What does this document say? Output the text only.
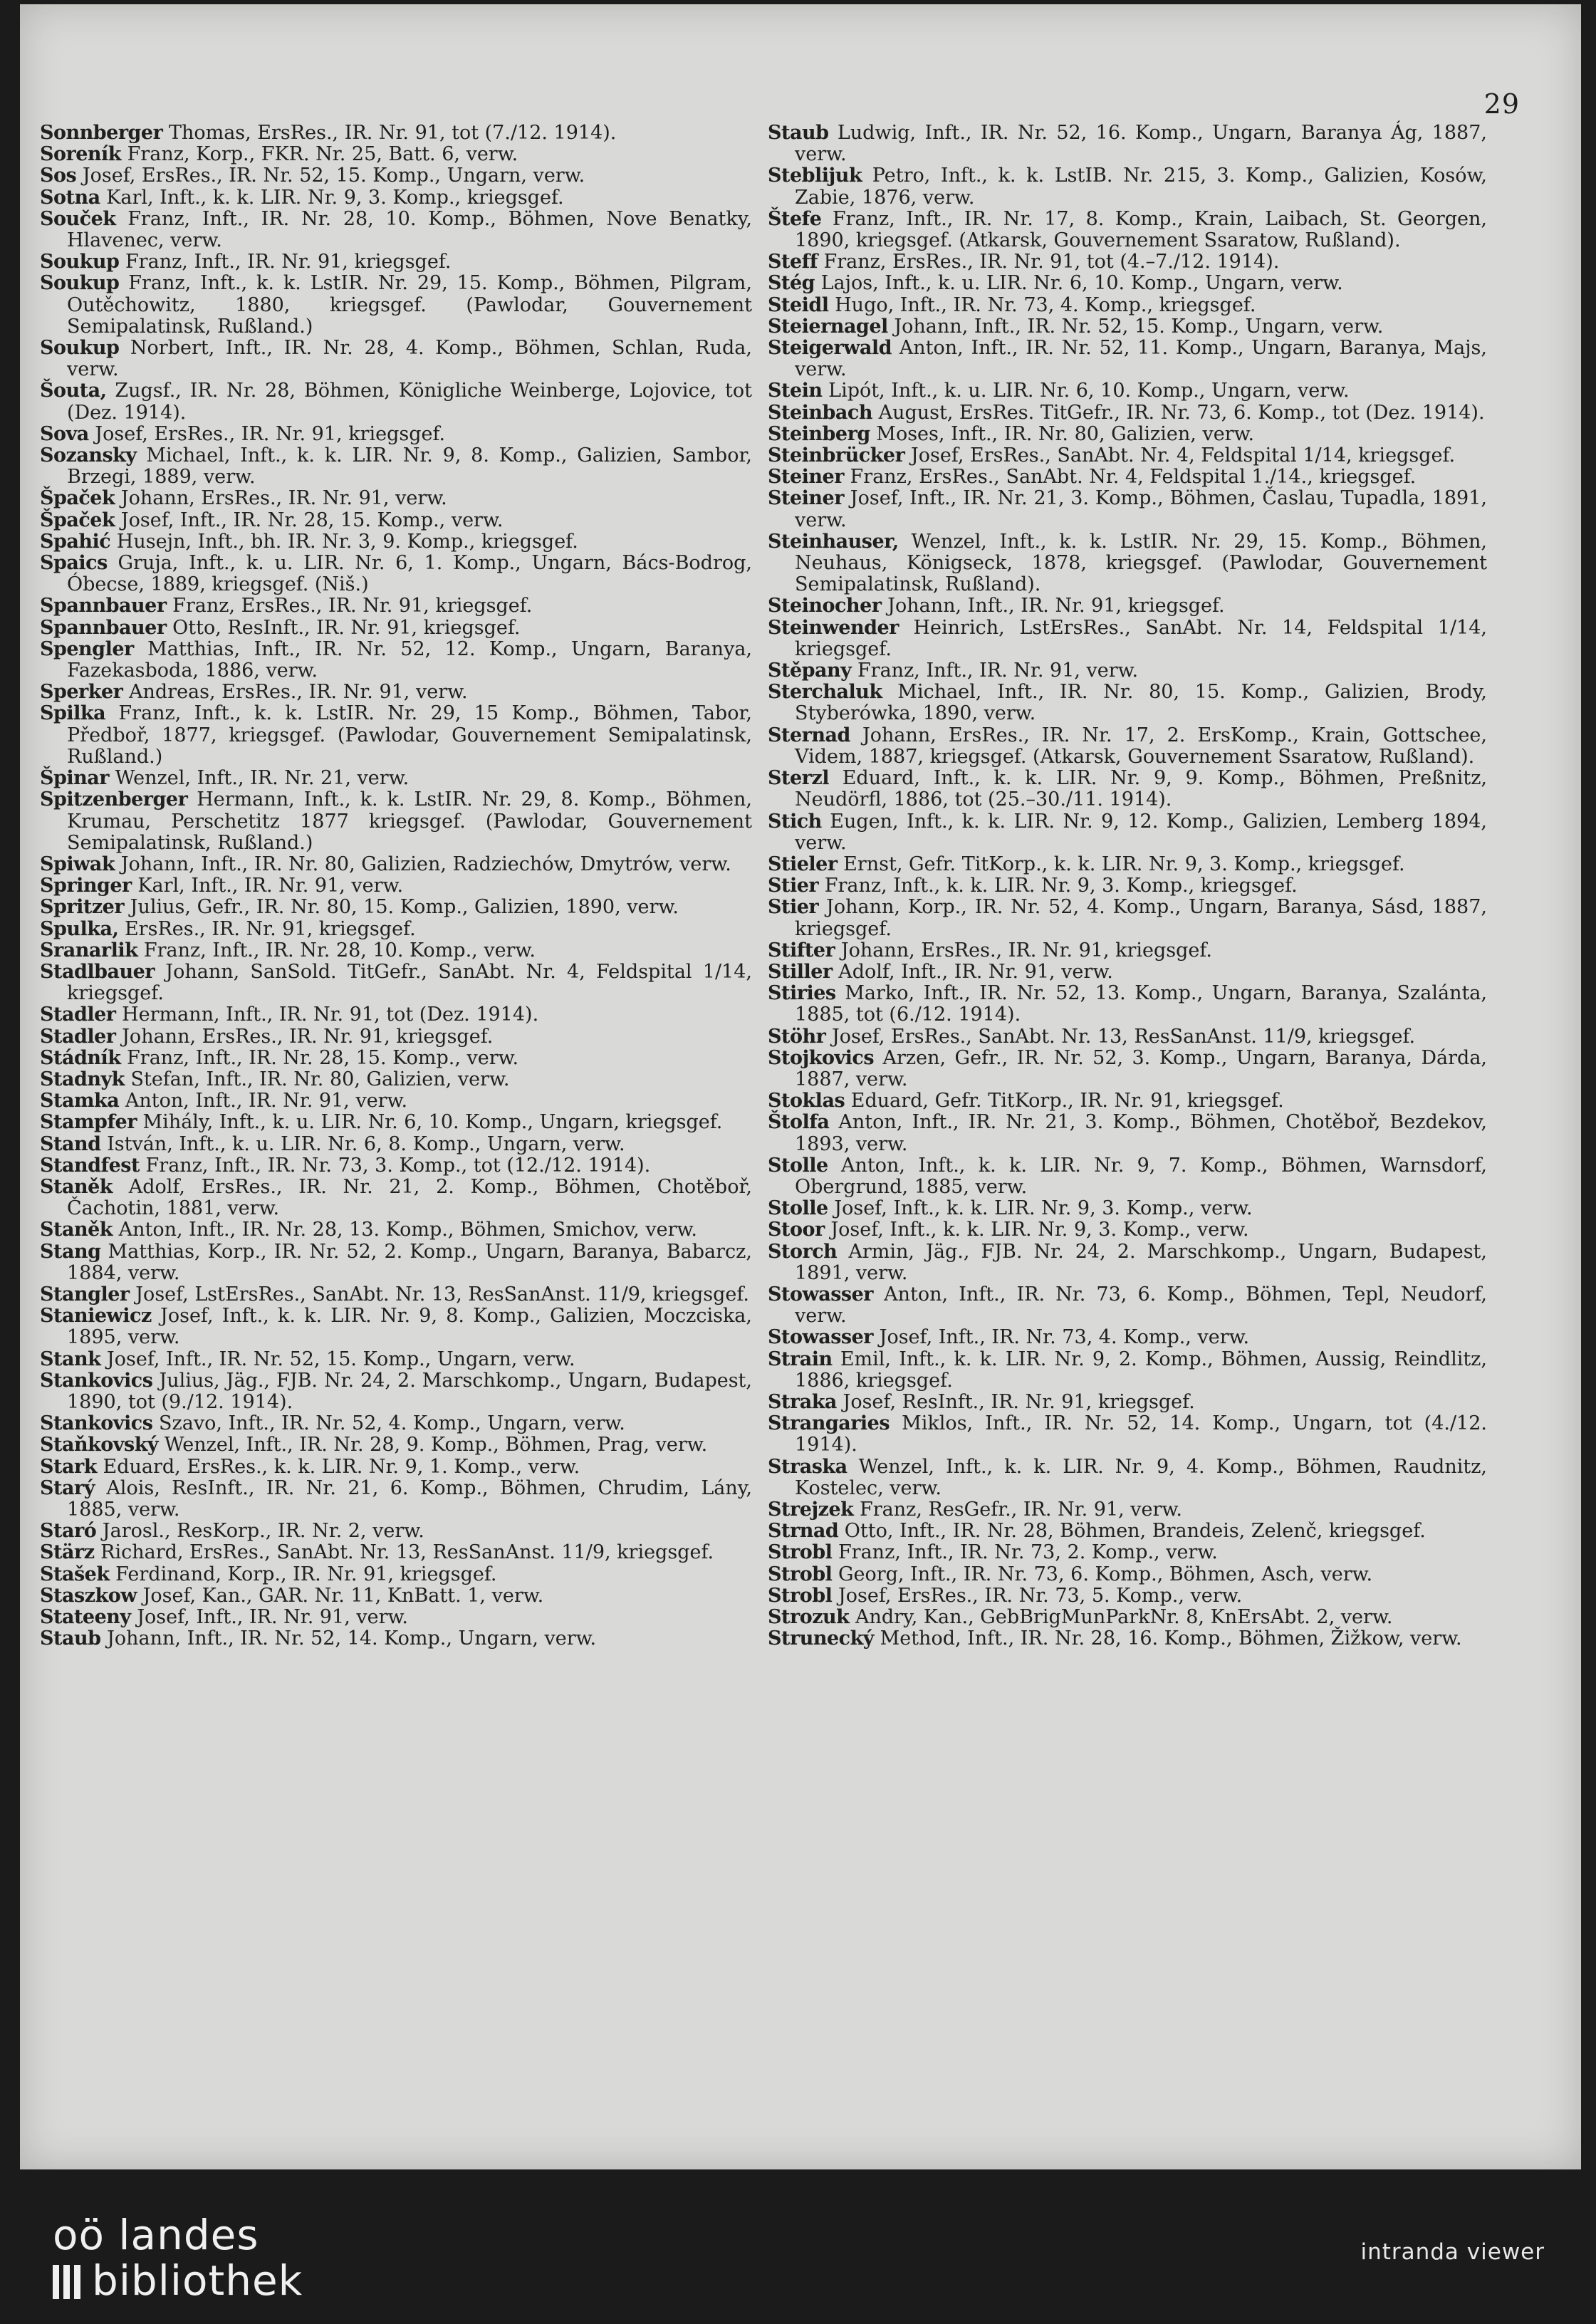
29
Sonnberger Thomas, ErsRes., IR. Nr. 91, tot (7./12. 1914).
Soreník Franz, Korp., FKR. Nr. 25, Batt. 6, verw.
Sos Josef, ErsRes., IR. Nr. 52, 15. Komp., Ungarn, verw.
Sotna Karl, Inft., k. k. LIR. Nr. 9, 3. Komp., kriegsgef.
Souček Franz, Inft., IR. Nr. 28, 10. Komp., Böhmen, Nove Benatky, Hlavenec, verw.
Soukup Franz, Inft., IR. Nr. 91, kriegsgef.
Soukup Franz, Inft., k. k. LstIR. Nr. 29, 15. Komp., Böhmen, Pilgram, Outěchowitz, 1880, kriegsgef. (Pawlodar, Gouvernement Semipalatinsk, Rußland.)
Soukup Norbert, Inft., IR. Nr. 28, 4. Komp., Böhmen, Schlan, Ruda, verw.
Šouta, Zugsf., IR. Nr. 28, Böhmen, Königliche Weinberge, Lojovice, tot (Dez. 1914).
Sova Josef, ErsRes., IR. Nr. 91, kriegsgef.
Sozansky Michael, Inft., k. k. LIR. Nr. 9, 8. Komp., Galizien, Sambor, Brzegi, 1889, verw.
Špaček Johann, ErsRes., IR. Nr. 91, verw.
Špaček Josef, Inft., IR. Nr. 28, 15. Komp., verw.
Spahić Husejn, Inft., bh. IR. Nr. 3, 9. Komp., kriegsgef.
Spaics Gruja, Inft., k. u. LIR. Nr. 6, 1. Komp., Ungarn, Bács-Bodrog, Óbecse, 1889, kriegsgef. (Niš.)
Spannbauer Franz, ErsRes., IR. Nr. 91, kriegsgef.
Spannbauer Otto, ResInft., IR. Nr. 91, kriegsgef.
Spengler Matthias, Inft., IR. Nr. 52, 12. Komp., Ungarn, Baranya, Fazekasboda, 1886, verw.
Sperker Andreas, ErsRes., IR. Nr. 91, verw.
Spilka Franz, Inft., k. k. LstIR. Nr. 29, 15 Komp., Böhmen, Tabor, Předboř, 1877, kriegsgef. (Pawlodar, Gouvernement Semipalatinsk, Rußland.)
Špinar Wenzel, Inft., IR. Nr. 21, verw.
Spitzenberger Hermann, Inft., k. k. LstIR. Nr. 29, 8. Komp., Böhmen, Krumau, Perschetitz 1877 kriegsgef. (Pawlodar, Gouvernement Semipalatinsk, Rußland.)
Spiwak Johann, Inft., IR. Nr. 80, Galizien, Radziechów, Dmytrów, verw.
Springer Karl, Inft., IR. Nr. 91, verw.
Spritzer Julius, Gefr., IR. Nr. 80, 15. Komp., Galizien, 1890, verw.
Spulka, ErsRes., IR. Nr. 91, kriegsgef.
Sranarlik Franz, Inft., IR. Nr. 28, 10. Komp., verw.
Stadlbauer Johann, SanSold. TitGefr., SanAbt. Nr. 4, Feldspital 1/14, kriegsgef.
Stadler Hermann, Inft., IR. Nr. 91, tot (Dez. 1914).
Stadler Johann, ErsRes., IR. Nr. 91, kriegsgef.
Stádník Franz, Inft., IR. Nr. 28, 15. Komp., verw.
Stadnyk Stefan, Inft., IR. Nr. 80, Galizien, verw.
Stamka Anton, Inft., IR. Nr. 91, verw.
Stampfer Mihály, Inft., k. u. LIR. Nr. 6, 10. Komp., Ungarn, kriegsgef.
Stand István, Inft., k. u. LIR. Nr. 6, 8. Komp., Ungarn, verw.
Standfest Franz, Inft., IR. Nr. 73, 3. Komp., tot (12./12. 1914).
Staněk Adolf, ErsRes., IR. Nr. 21, 2. Komp., Böhmen, Chotěboř, Čachotin, 1881, verw.
Staněk Anton, Inft., IR. Nr. 28, 13. Komp., Böhmen, Smichov, verw.
Stang Matthias, Korp., IR. Nr. 52, 2. Komp., Ungarn, Baranya, Babarcz, 1884, verw.
Stangler Josef, LstErsRes., SanAbt. Nr. 13, ResSanAnst. 11/9, kriegsgef.
Staniewicz Josef, Inft., k. k. LIR. Nr. 9, 8. Komp., Galizien, Moczciska, 1895, verw.
Stank Josef, Inft., IR. Nr. 52, 15. Komp., Ungarn, verw.
Stankovics Julius, Jäg., FJB. Nr. 24, 2. Marschkomp., Ungarn, Budapest, 1890, tot (9./12. 1914).
Stankovics Szavo, Inft., IR. Nr. 52, 4. Komp., Ungarn, verw.
Staňkovský Wenzel, Inft., IR. Nr. 28, 9. Komp., Böhmen, Prag, verw.
Stark Eduard, ErsRes., k. k. LIR. Nr. 9, 1. Komp., verw.
Starý Alois, ResInft., IR. Nr. 21, 6. Komp., Böhmen, Chrudim, Lány, 1885, verw.
Staró Jarosl., ResKorp., IR. Nr. 2, verw.
Stärz Richard, ErsRes., SanAbt. Nr. 13, ResSanAnst. 11/9, kriegsgef.
Stašek Ferdinand, Korp., IR. Nr. 91, kriegsgef.
Staszkow Josef, Kan., GAR. Nr. 11, KnBatt. 1, verw.
Stateeny Josef, Inft., IR. Nr. 91, verw.
Staub Johann, Inft., IR. Nr. 52, 14. Komp., Ungarn, verw.
Staub Ludwig, Inft., IR. Nr. 52, 16. Komp., Ungarn, Baranya Ág, 1887, verw.
Steblijuk Petro, Inft., k. k. LstIB. Nr. 215, 3. Komp., Galizien, Kosów, Zabie, 1876, verw.
Štefe Franz, Inft., IR. Nr. 17, 8. Komp., Krain, Laibach, St. Georgen, 1890, kriegsgef. (Atkarsk, Gouvernement Ssaratow, Rußland).
Steff Franz, ErsRes., IR. Nr. 91, tot (4.–7./12. 1914).
Stég Lajos, Inft., k. u. LIR. Nr. 6, 10. Komp., Ungarn, verw.
Steidl Hugo, Inft., IR. Nr. 73, 4. Komp., kriegsgef.
Steiernagel Johann, Inft., IR. Nr. 52, 15. Komp., Ungarn, verw.
Steigerwald Anton, Inft., IR. Nr. 52, 11. Komp., Ungarn, Baranya, Majs, verw.
Stein Lipót, Inft., k. u. LIR. Nr. 6, 10. Komp., Ungarn, verw.
Steinbach August, ErsRes. TitGefr., IR. Nr. 73, 6. Komp., tot (Dez. 1914).
Steinberg Moses, Inft., IR. Nr. 80, Galizien, verw.
Steinbrücker Josef, ErsRes., SanAbt. Nr. 4, Feldspital 1/14, kriegsgef.
Steiner Franz, ErsRes., SanAbt. Nr. 4, Feldspital 1./14., kriegsgef.
Steiner Josef, Inft., IR. Nr. 21, 3. Komp., Böhmen, Časlau, Tupadla, 1891, verw.
Steinhauser, Wenzel, Inft., k. k. LstIR. Nr. 29, 15. Komp., Böhmen, Neuhaus, Königseck, 1878, kriegsgef. (Pawlodar, Gouvernement Semipalatinsk, Rußland).
Steinocher Johann, Inft., IR. Nr. 91, kriegsgef.
Steinwender Heinrich, LstErsRes., SanAbt. Nr. 14, Feldspital 1/14, kriegsgef.
Stěpany Franz, Inft., IR. Nr. 91, verw.
Sterchaluk Michael, Inft., IR. Nr. 80, 15. Komp., Galizien, Brody, Styberówka, 1890, verw.
Sternad Johann, ErsRes., IR. Nr. 17, 2. ErsKomp., Krain, Gottschee, Videm, 1887, kriegsgef. (Atkarsk, Gouvernement Ssaratow, Rußland).
Sterzl Eduard, Inft., k. k. LIR. Nr. 9, 9. Komp., Böhmen, Preßnitz, Neudörfl, 1886, tot (25.–30./11. 1914).
Stich Eugen, Inft., k. k. LIR. Nr. 9, 12. Komp., Galizien, Lemberg 1894, verw.
Stieler Ernst, Gefr. TitKorp., k. k. LIR. Nr. 9, 3. Komp., kriegsgef.
Stier Franz, Inft., k. k. LIR. Nr. 9, 3. Komp., kriegsgef.
Stier Johann, Korp., IR. Nr. 52, 4. Komp., Ungarn, Baranya, Sásd, 1887, kriegsgef.
Stifter Johann, ErsRes., IR. Nr. 91, kriegsgef.
Stiller Adolf, Inft., IR. Nr. 91, verw.
Stiries Marko, Inft., IR. Nr. 52, 13. Komp., Ungarn, Baranya, Szalánta, 1885, tot (6./12. 1914).
Stöhr Josef, ErsRes., SanAbt. Nr. 13, ResSanAnst. 11/9, kriegsgef.
Stojkovics Arzen, Gefr., IR. Nr. 52, 3. Komp., Ungarn, Baranya, Dárda, 1887, verw.
Stoklas Eduard, Gefr. TitKorp., IR. Nr. 91, kriegsgef.
Štolfa Anton, Inft., IR. Nr. 21, 3. Komp., Böhmen, Chotěboř, Bezdekov, 1893, verw.
Stolle Anton, Inft., k. k. LIR. Nr. 9, 7. Komp., Böhmen, Warnsdorf, Obergrund, 1885, verw.
Stolle Josef, Inft., k. k. LIR. Nr. 9, 3. Komp., verw.
Stoor Josef, Inft., k. k. LIR. Nr. 9, 3. Komp., verw.
Storch Armin, Jäg., FJB. Nr. 24, 2. Marschkomp., Ungarn, Budapest, 1891, verw.
Stowasser Anton, Inft., IR. Nr. 73, 6. Komp., Böhmen, Tepl, Neudorf, verw.
Stowasser Josef, Inft., IR. Nr. 73, 4. Komp., verw.
Strain Emil, Inft., k. k. LIR. Nr. 9, 2. Komp., Böhmen, Aussig, Reindlitz, 1886, kriegsgef.
Straka Josef, ResInft., IR. Nr. 91, kriegsgef.
Strangaries Miklos, Inft., IR. Nr. 52, 14. Komp., Ungarn, tot (4./12. 1914).
Straska Wenzel, Inft., k. k. LIR. Nr. 9, 4. Komp., Böhmen, Raudnitz, Kostelec, verw.
Strejzek Franz, ResGefr., IR. Nr. 91, verw.
Strnad Otto, Inft., IR. Nr. 28, Böhmen, Brandeis, Zelenč, kriegsgef.
Strobl Franz, Inft., IR. Nr. 73, 2. Komp., verw.
Strobl Georg, Inft., IR. Nr. 73, 6. Komp., Böhmen, Asch, verw.
Strobl Josef, ErsRes., IR. Nr. 73, 5. Komp., verw.
Strozuk Andry, Kan., GebBrigMunParkNr. 8, KnErsAbt. 2, verw.
Strunecký Method, Inft., IR. Nr. 28, 16. Komp., Böhmen, Žižkow, verw.
oö landes
bibliothek
intranda viewer
